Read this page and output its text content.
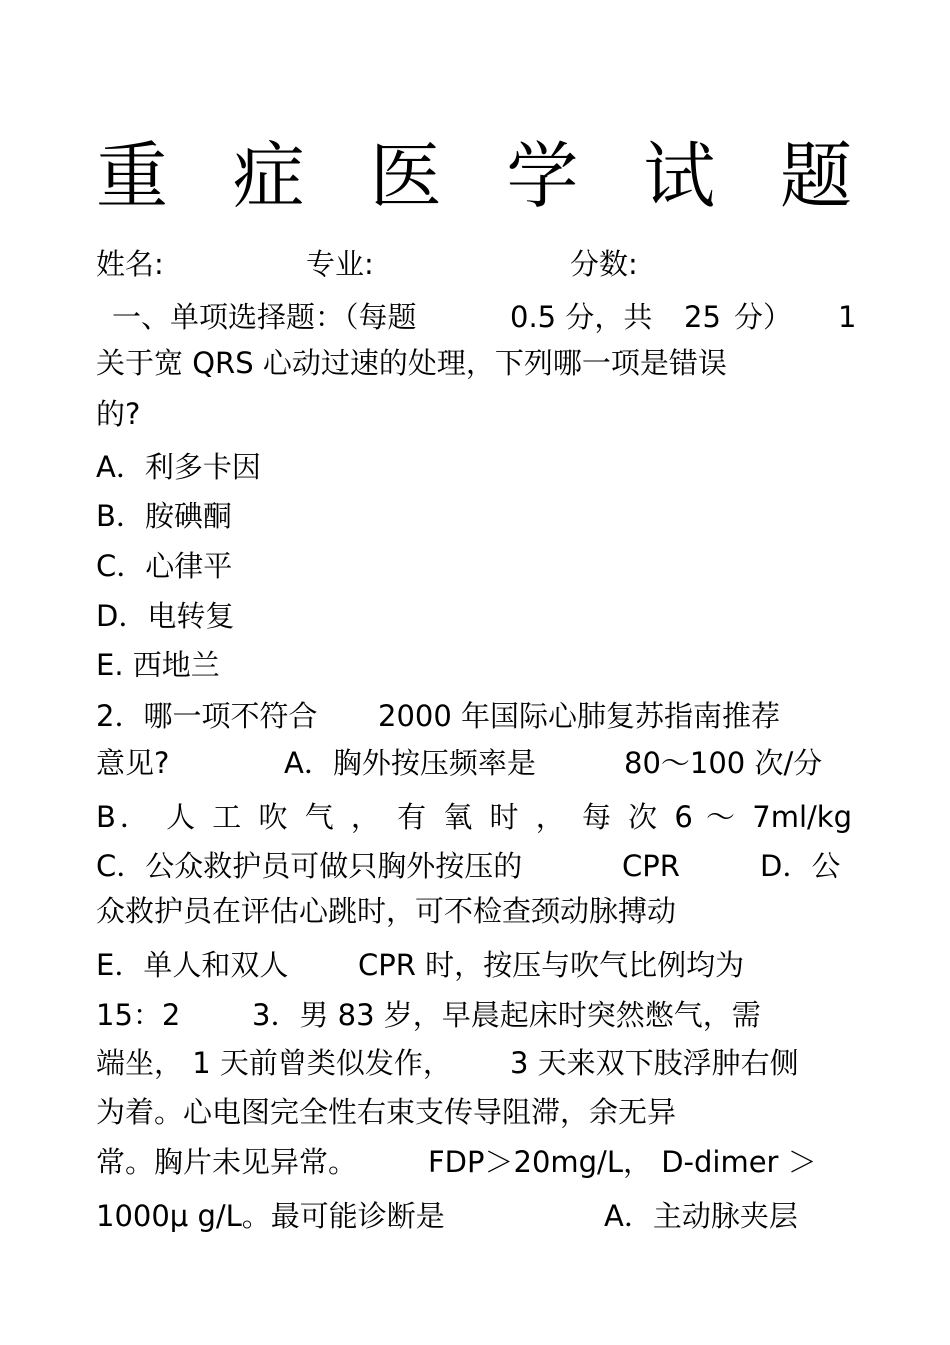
重 症 医 学 试 题
姓名:	专业:	分数:
一、单项选择题：（每题	0.5 分，共 25 分） 1
关于宽 QRS 心动过速的处理，下列哪一项是错误
的?
A．利多卡因
B．胺碘酮
C．心律平
D．电转复
E. 西地兰
2．哪一项不符合 2000 年国际心肺复苏指南推荐
意见?	A．胸外按压频率是	80～100 次/分
B． 人 工 吹 气 ， 有 氧 时 ， 每 次 6 ～ 7ml/kg
C．公众救护员可做只胸外按压的	CPR	D．公
众救护员在评估心跳时，可不检查颈动脉搏动
E．单人和双人 CPR 时，按压与吹气比例均为
15：2 3．男 83 岁，早晨起床时突然憋气，需
端坐， 1 天前曾类似发作， 3 天来双下肢浮肿右侧
为着。心电图完全性右束支传导阻滞，余无异
常。胸片未见异常。 FDP＞20mg/L， D-dimer ＞
1000μ g/L。最可能诊断是	A．主动脉夹层
